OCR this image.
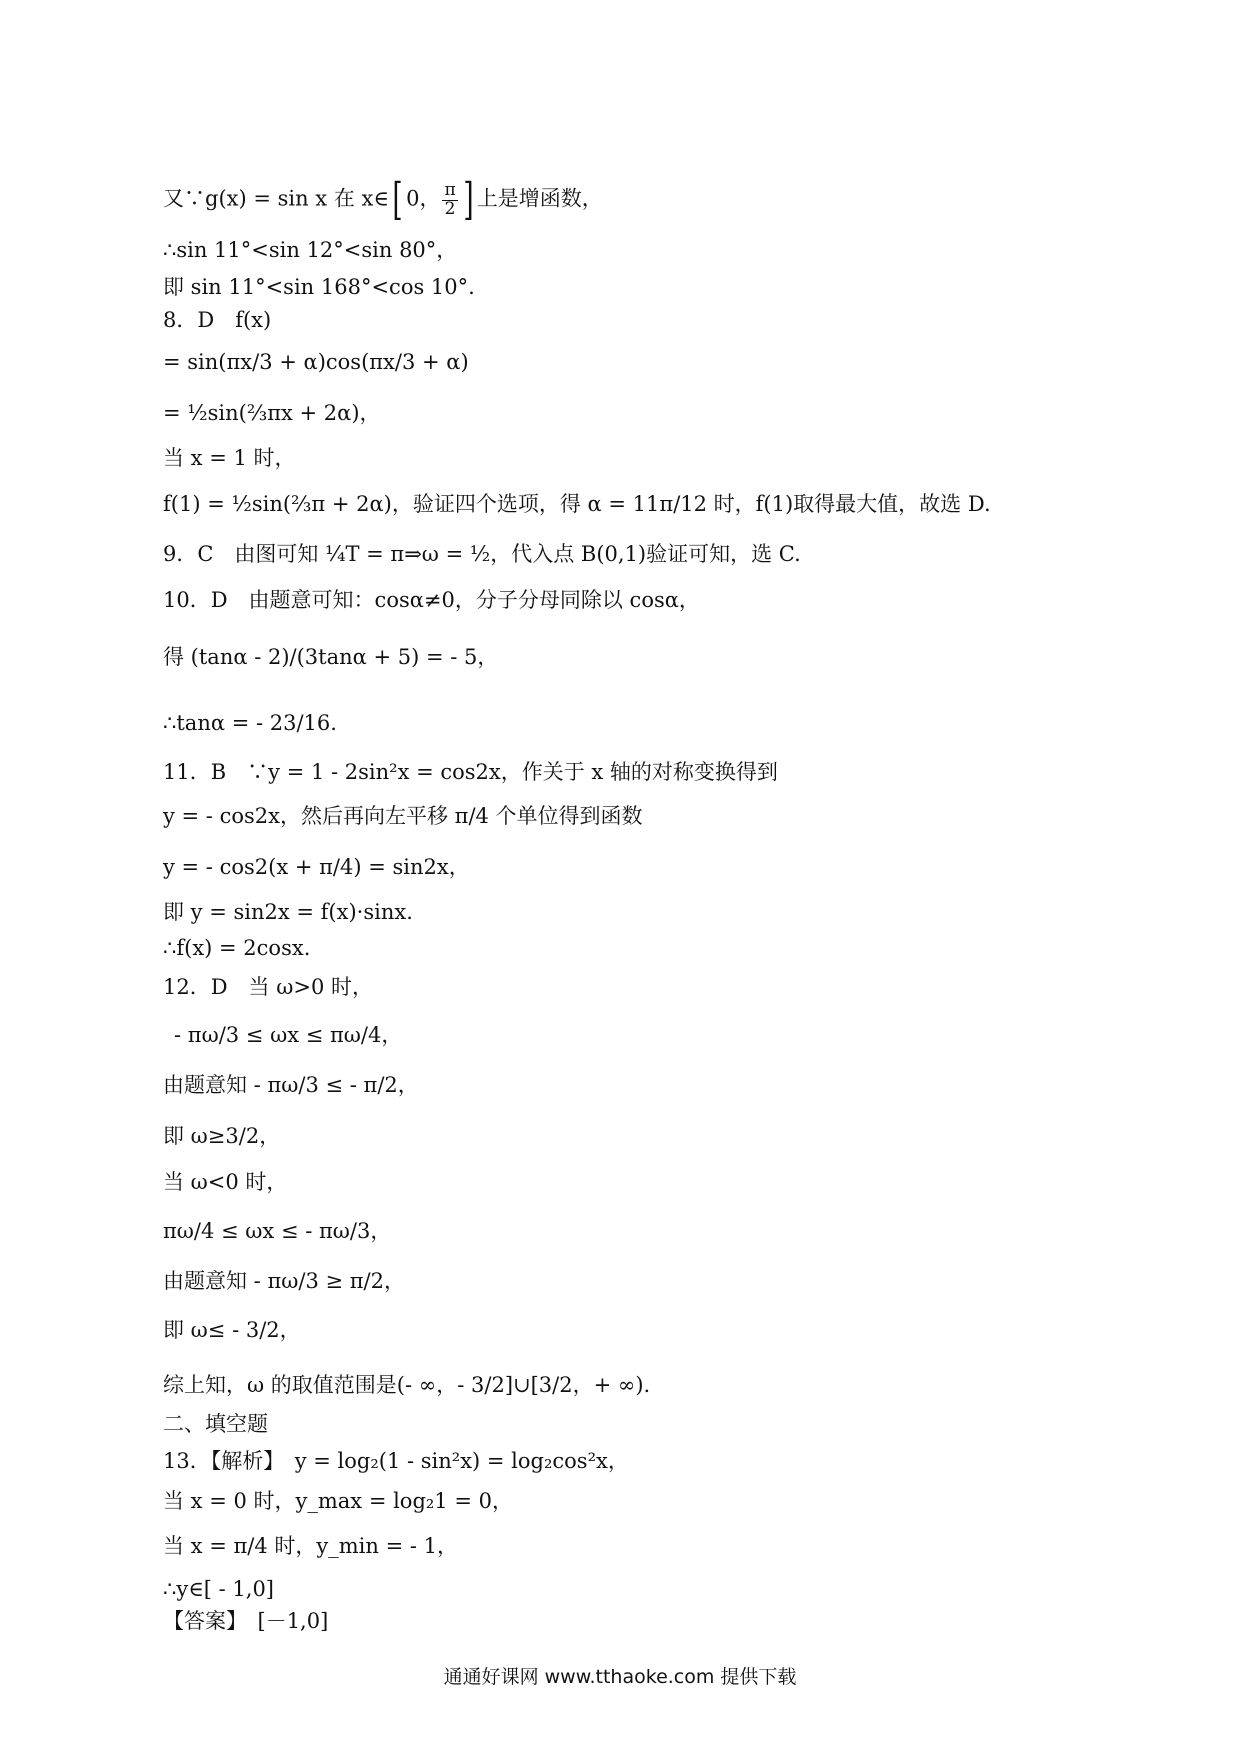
又∵g(x) = sin x 在 x∈[ 0， $\frac{\pi}{2}$ ] 上是增函数，
∴sin 11°<sin 12°<sin 80°，
即 sin 11°<sin 168°<cos 10°.
8．D　f(x)
= sin(πx/3 + α)cos(πx/3 + α)
= ½sin(⅔πx + 2α)，
当 x = 1 时，
f(1) = ½sin(⅔π + 2α)，验证四个选项，得 α = 11π/12 时，f(1)取得最大值，故选 D.
9．C　由图可知 ¼T = π⇒ω = ½，代入点 B(0,1)验证可知，选 C.
10．D　由题意可知：cosα≠0，分子分母同除以 cosα，
得 (tanα - 2)/(3tanα + 5) = - 5，
∴tanα = - 23/16.
11．B　∵y = 1 - 2sin²x = cos2x，作关于 x 轴的对称变换得到
y = - cos2x，然后再向左平移 π/4 个单位得到函数
y = - cos2(x + π/4) = sin2x，
即 y = sin2x = f(x)·sinx.
∴f(x) = 2cosx.
12．D　当 ω>0 时，
- πω/3 ≤ ωx ≤ πω/4，
由题意知 - πω/3 ≤ - π/2，
即 ω≥3/2，
当 ω<0 时，
πω/4 ≤ ωx ≤ - πω/3，
由题意知 - πω/3 ≥ π/2，
即 ω≤ - 3/2，
综上知，ω 的取值范围是(- ∞，- 3/2]∪[3/2，+ ∞).
二、填空题
13．【解析】　y = log₂(1 - sin²x) = log₂cos²x，
当 x = 0 时，y_max = log₂1 = 0，
当 x = π/4 时，y_min = - 1，
∴y∈[ - 1,0]
【答案】　[－1,0]
通通好课网 www.tthaoke.com 提供下载
